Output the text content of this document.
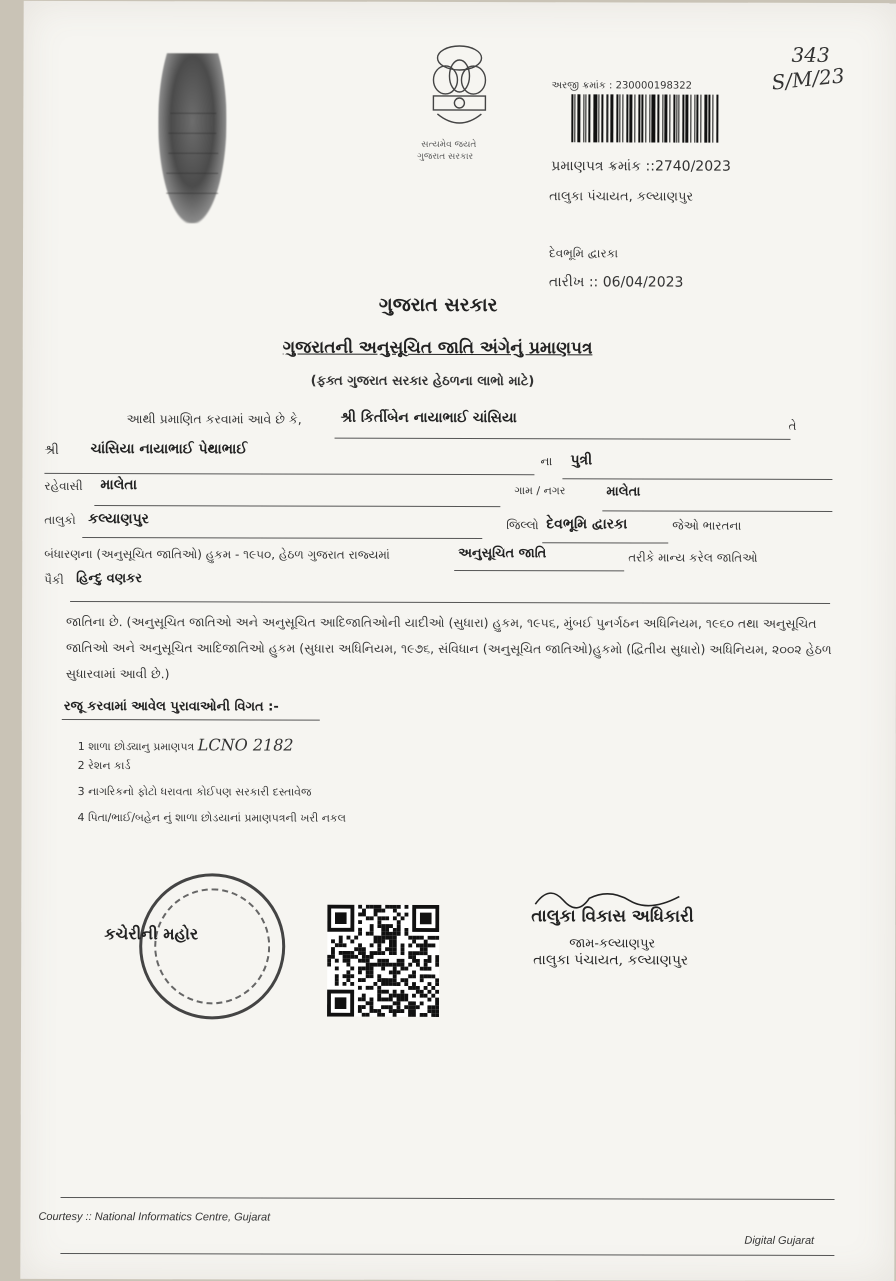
343
S/M/23
સત્યમેવ જયતે
ગુજરાત સરકાર
અરજી ક્રમાંક : 230000198322
પ્રમાણપત્ર ક્રમાંક ::2740/2023
તાલુકા પંચાયત, કલ્યાણપુર
દેવભૂમિ દ્વારકા
તારીખ :: 06/04/2023
ગુજરાત સરકાર
ગુજરાતની અનુસૂચિત જાતિ અંગેનું પ્રમાણપત્ર
(ફક્ત ગુજરાત સરકાર હેઠળના લાભો માટે)
આથી પ્રમાણિત કરવામાં આવે છે કે,	શ્રી કિર્તીબેન નાયાભાઈ ચાંસિયા	તે
શ્રી ચાંસિયા નાયાભાઈ પેથાભાઈ
ના પુત્રી
રહેવાસી માલેતા	ગામ / નગર	માલેતા
તાલુકો કલ્યાણપુર	જિલ્લો દેવભૂમિ દ્વારકા	જેઓ ભારતના
બંધારણના (અનુસૂચિત જાતિઓ) હુકમ - ૧૯૫૦, હેઠળ ગુજરાત રાજ્યમાં	અનુસૂચિત જાતિ	તરીકે માન્ય કરેલ જાતિઓ
પૈકી હિન્દુ વણકર
જાતિના છે. (અનુસૂચિત જાતિઓ અને અનુસૂચિત આદિજાતિઓની યાદીઓ (સુધારા) હુકમ, ૧૯૫૬, મુંબઈ પુનર્ગઠન અધિનિયમ, ૧૯૬૦ તથા અનુસૂચિત જાતિઓ અને અનુસૂચિત આદિજાતિઓ હુકમ (સુધારા અધિનિયમ, ૧૯૭૬, સંવિધાન (અનુસૂચિત જાતિઓ)હુકમો (દ્વિતીય સુધારો) અધિનિયમ, ૨૦૦૨ હેઠળ સુધારવામાં આવી છે.)
રજૂ કરવામાં આવેલ પુરાવાઓની વિગત :-
1 શાળા છોડ્યાનુ પ્રમાણપત્ર LCNO 2182
2 રેશન કાર્ડ
3 નાગરિકનો ફોટો ધરાવતા કોઈપણ સરકારી દસ્તાવેજ
4 પિતા/ભાઈ/બહેન નું શાળા છોડયાનાં પ્રમાણપત્રની ખરી નકલ
કચેરીની મહોર
તાલુકા વિકાસ અધિકારી
જામ-કલ્યાણપુર
તાલુકા પંચાયત, કલ્યાણપુર
Courtesy :: National Informatics Centre, Gujarat
Digital Gujarat
